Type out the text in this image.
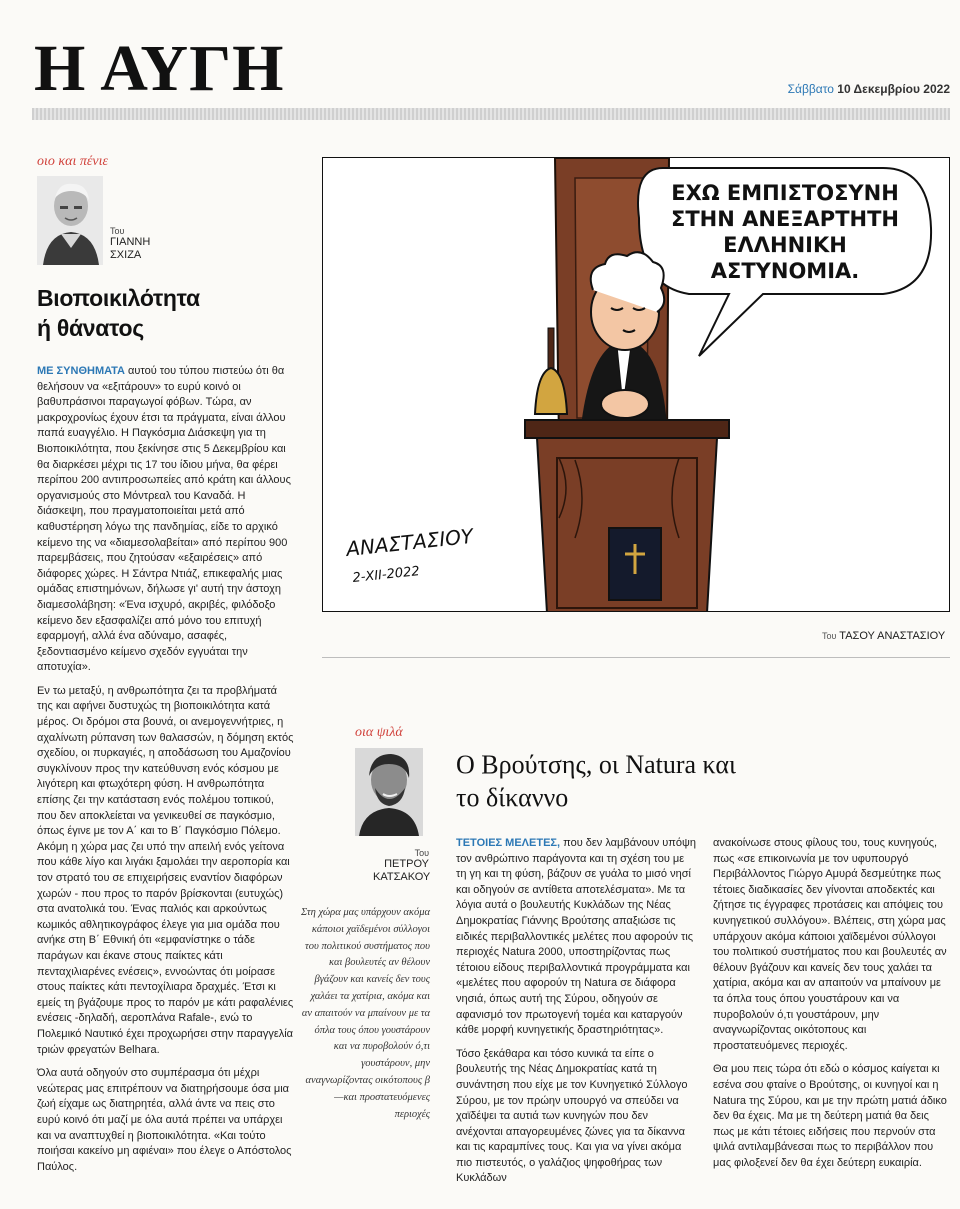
Η ΑΥΓΗ	Σάββατο 10 Δεκεμβρίου 2022
οιο και πένιε
Του
ΓΙΑΝΝΗ
ΣΧΙΖΑ
Βιοποικιλότητα
ή θάνατος

ΜΕ ΣΥΝΘΗΜΑΤΑ αυτού του τύπου πιστεύω ότι θα θελήσουν να «εξιτάρουν» το ευρύ κοινό οι βαθυπράσινοι παραγωγοί φόβων. Τώρα, αν μακροχρονίως έχουν έτσι τα πράγματα, είναι άλλου παπά ευαγγέλιο. Η Παγκόσμια Διάσκεψη για τη Βιοποικιλότητα, που ξεκίνησε στις 5 Δεκεμβρίου και θα διαρκέσει μέχρι τις 17 του ίδιου μήνα, θα φέρει περίπου 200 αντιπροσωπείες από κράτη και άλλους οργανισμούς στο Μόντρεαλ του Καναδά. Η διάσκεψη, που πραγματοποιείται μετά από καθυστέρηση λόγω της πανδημίας, είδε το αρχικό κείμενο της να «διαμεσολαβείται» από περίπου 900 παρεμβάσεις, που ζητούσαν «εξαιρέσεις» από διάφορες χώρες. Η Σάντρα Ντιάζ, επικεφαλής μιας ομάδας επιστημόνων, δήλωσε γι' αυτή την άστοχη διαμεσολάβηση: «Ένα ισχυρό, ακριβές, φιλόδοξο κείμενο δεν εξασφαλίζει από μόνο του επιτυχή εφαρμογή, αλλά ένα αδύναμο, ασαφές, ξεδοντιασμένο κείμενο σχεδόν εγγυάται την αποτυχία».

Εν τω μεταξύ, η ανθρωπότητα ζει τα προβλήματά της και αφήνει δυστυχώς τη βιοποικιλότητα κατά μέρος. Οι δρόμοι στα βουνά, οι ανεμογεννήτριες, η αχαλίνωτη ρύπανση των θαλασσών, η δόμηση εκτός σχεδίου, οι πυρκαγιές, η αποδάσωση του Αμαζονίου συγκλίνουν προς την κατεύθυνση ενός κόσμου με λιγότερη και φτωχότερη φύση. Η ανθρωπότητα επίσης ζει την κατάσταση ενός πολέμου τοπικού, που δεν αποκλείεται να γενικευθεί σε παγκόσμιο, όπως έγινε με τον Α΄ και το Β΄ Παγκόσμιο Πόλεμο. Ακόμη η χώρα μας ζει υπό την απειλή ενός γείτονα που κάθε λίγο και λιγάκι ξαμολάει την αεροπορία και τον στρατό του σε επιχειρήσεις εναντίον διαφόρων χωρών - που προς το παρόν βρίσκονται (ευτυχώς) στα ανατολικά του. Ένας παλιός και αρκούντως κωμικός αθλητικογράφος έλεγε για μια ομάδα που ανήκε στη Β΄ Εθνική ότι «εμφανίστηκε ο τάδε παράγων και έκανε στους παίκτες κάτι πενταχιλιαρένες ενέσεις», εννοώντας ότι μοίρασε στους παίκτες κάτι πεντοχίλιαρα δραχμές. Έτσι κι εμείς τη βγάζουμε προς το παρόν με κάτι ραφαλένιες ενέσεις -δηλαδή, αεροπλάνα Rafale-, ενώ το Πολεμικό Ναυτικό έχει προχωρήσει στην παραγγελία τριών φρεγατών Belhara.

Όλα αυτά οδηγούν στο συμπέρασμα ότι μέχρι νεώτερας μας επιτρέπουν να διατηρήσουμε όσα μια ζωή είχαμε ως διατηρητέα, αλλά άντε να πεις στο ευρύ κοινό ότι μαζί με όλα αυτά πρέπει να υπάρχει και να αναπτυχθεί η βιοποικιλότητα. «Και τούτο ποιήσαι κακείνο μη αφιέναι» που έλεγε ο Απόστολος Παύλος.

ΕΧΩ ΕΜΠΙΣΤΟΣΥΝΗ
ΣΤΗΝ ΑΝΕΞΑΡΤΗΤΗ
ΕΛΛΗΝΙΚΗ
ΑΣΤΥΝΟΜΙΑ.
ΑΝΑΣΤΑΣΙΟΥ
2-ΧΙΙ-2022
Του ΤΑΣΟΥ ΑΝΑΣΤΑΣΙΟΥ
οια ψιλά
Του
ΠΕΤΡΟΥ
ΚΑΤΣΑΚΟΥ
Ο Βρούτσης, οι Natura και
το δίκαννο
Στη χώρα μας υπάρχουν ακόμα κάποιοι χαϊδεμένοι σύλλογοι του πολιτικού συστήματος που και βουλευτές αν θέλουν βγάζουν και κανείς δεν τους χαλάει τα χατίρια, ακόμα και αν απαιτούν να μπαίνουν με τα όπλα τους όπου γουστάρουν και να πυροβολούν ό,τι γουστάρουν, μην αναγνωρίζοντας οικότοπους β—και προστατευόμενες περιοχές

ΤΕΤΟΙΕΣ ΜΕΛΕΤΕΣ, που δεν λαμβάνουν υπόψη τον ανθρώπινο παράγοντα και τη σχέση του με τη γη και τη φύση, βάζουν σε γυάλα το μισό νησί και οδηγούν σε αντίθετα αποτελέσματα». Με τα λόγια αυτά ο βουλευτής Κυκλάδων της Νέας Δημοκρατίας Γιάννης Βρούτσης απαξιώσε τις ειδικές περιβαλλοντικές μελέτες που αφορούν τις περιοχές Natura 2000, υποστηρίζοντας πως τέτοιου είδους περιβαλλοντικά προγράμματα και «μελέτες που αφορούν τη Natura σε διάφορα νησιά, όπως αυτή της Σύρου, οδηγούν σε αφανισμό τον πρωτογενή τομέα και καταργούν κάθε μορφή κυνηγετικής δραστηριότητας».

Τόσο ξεκάθαρα και τόσο κυνικά τα είπε ο βουλευτής της Νέας Δημοκρατίας κατά τη συνάντηση που είχε με τον Κυνηγετικό Σύλλογο Σύρου, με τον πρώην υπουργό να σπεύδει να χαϊδέψει τα αυτιά των κυνηγών που δεν ανέχονται απαγορευμένες ζώνες για τα δίκαννα και τις καραμπίνες τους. Και για να γίνει ακόμα πιο πιστευτός, ο γαλάζιος ψηφοθήρας των Κυκλάδων

ανακοίνωσε στους φίλους του, τους κυνηγούς, πως «σε επικοινωνία με τον υφυπουργό Περιβάλλοντος Γιώργο Αμυρά δεσμεύτηκε πως τέτοιες διαδικασίες δεν γίνονται αποδεκτές και ζήτησε τις έγγραφες προτάσεις και απόψεις του κυνηγετικού συλλόγου». Βλέπεις, στη χώρα μας υπάρχουν ακόμα κάποιοι χαϊδεμένοι σύλλογοι του πολιτικού συστήματος που και βουλευτές αν θέλουν βγάζουν και κανείς δεν τους χαλάει τα χατίρια, ακόμα και αν απαιτούν να μπαίνουν με τα όπλα τους όπου γουστάρουν και να πυροβολούν ό,τι γουστάρουν, μην αναγνωρίζοντας οικότοπους και προστατευόμενες περιοχές.

Θα μου πεις τώρα ότι εδώ ο κόσμος καίγεται κι εσένα σου φταίνε ο Βρούτσης, οι κυνηγοί και η Natura της Σύρου, και με την πρώτη ματιά άδικο δεν θα έχεις. Μα με τη δεύτερη ματιά θα δεις πως με κάτι τέτοιες ειδήσεις που περνούν στα ψιλά αντιλαμβάνεσαι πως το περιβάλλον που μας φιλοξενεί δεν θα έχει δεύτερη ευκαιρία.
